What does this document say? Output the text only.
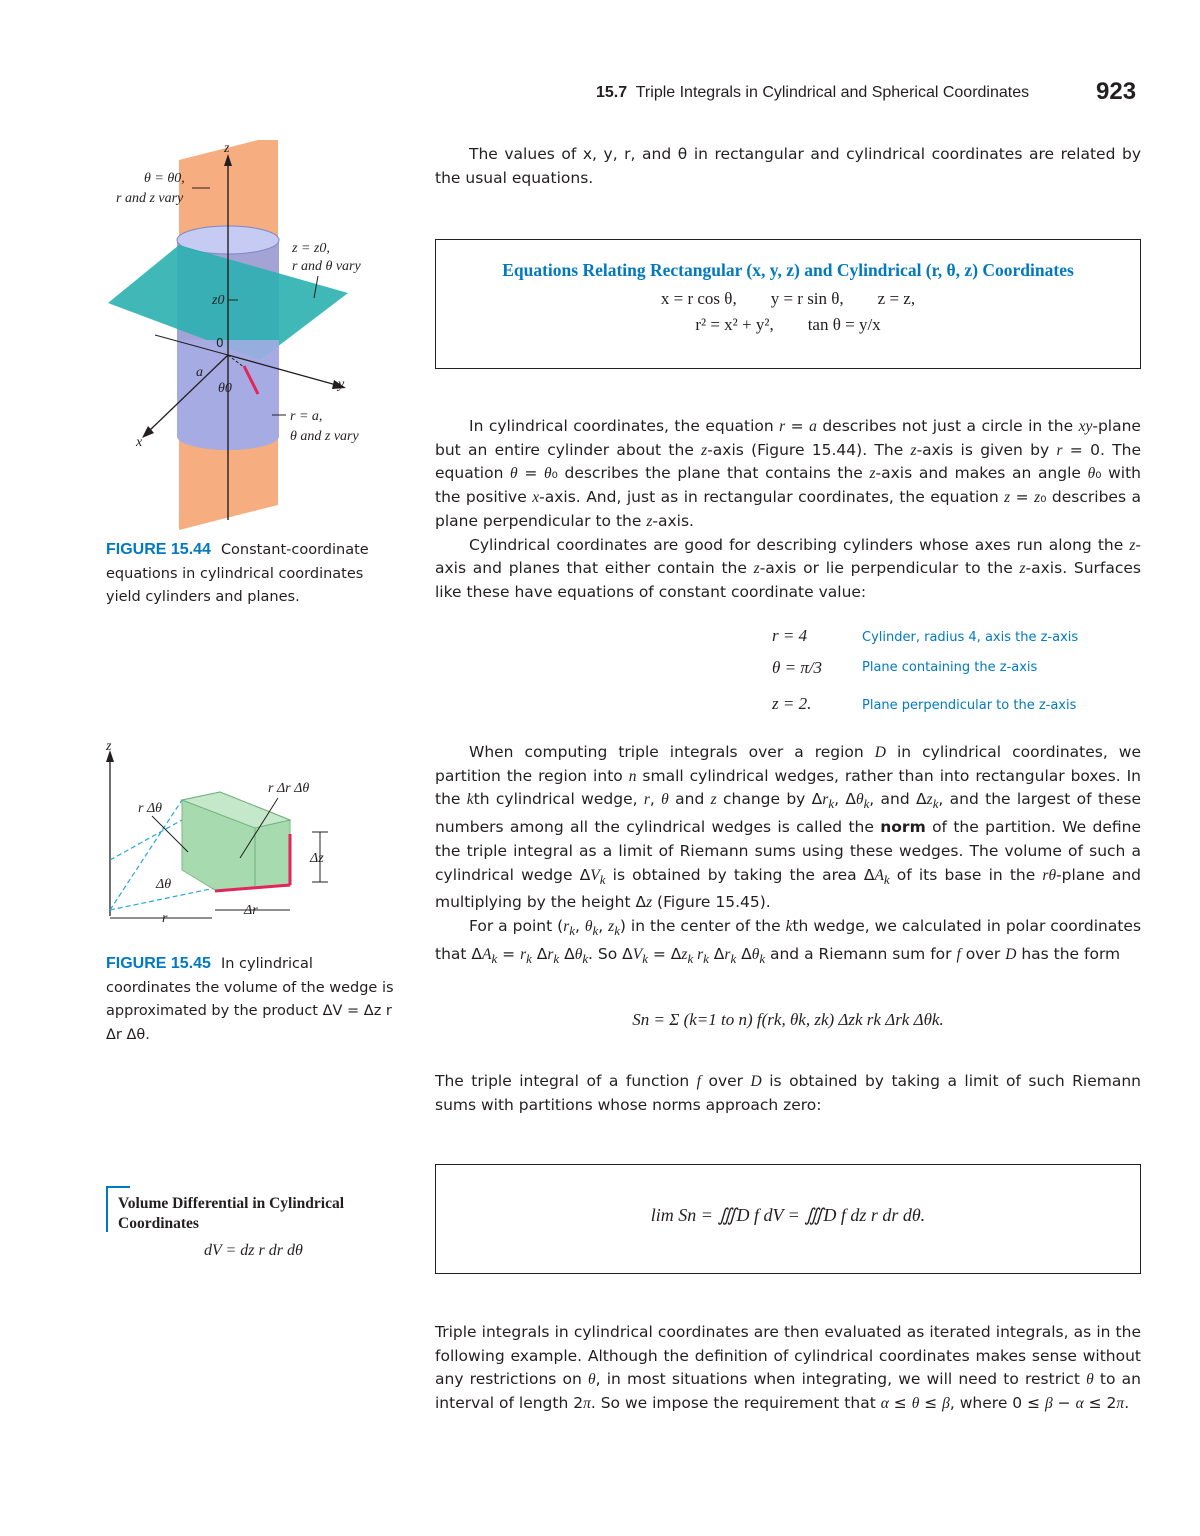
15.7 Triple Integrals in Cylindrical and Spherical Coordinates	923
z
y
x
a
θ0
0
z0
θ = θ0,
r and z vary
z = z0,
r and θ vary
r = a,
θ and z vary
FIGURE 15.44 Constant-coordinate equations in cylindrical coordinates yield cylinders and planes.
z
r Δθ
r Δr Δθ
Δz
Δθ
r
Δr
FIGURE 15.45 In cylindrical coordinates the volume of the wedge is approximated by the product ΔV = Δz r Δr Δθ.
Volume Differential in Cylindrical
Coordinates
dV = dz r dr dθ

The values of x, y, r, and θ in rectangular and cylindrical coordinates are related by the usual equations.

Equations Relating Rectangular (x, y, z) and Cylindrical (r, θ, z) Coordinates
x = r cos θ,        y = r sin θ,        z = z,
r² = x² + y²,        tan θ = y/x

In cylindrical coordinates, the equation r = a describes not just a circle in the xy-plane but an entire cylinder about the z-axis (Figure 15.44). The z-axis is given by r = 0. The equation θ = θ₀ describes the plane that contains the z-axis and makes an angle θ₀ with the positive x-axis. And, just as in rectangular coordinates, the equation z = z₀ describes a plane perpendicular to the z-axis.

Cylindrical coordinates are good for describing cylinders whose axes run along the z-axis and planes that either contain the z-axis or lie perpendicular to the z-axis. Surfaces like these have equations of constant coordinate value:

r = 4	Cylinder, radius 4, axis the z-axis
θ = π/3	Plane containing the z-axis
z = 2.	Plane perpendicular to the z-axis

When computing triple integrals over a region D in cylindrical coordinates, we partition the region into n small cylindrical wedges, rather than into rectangular boxes. In the kth cylindrical wedge, r, θ and z change by $\Delta r_k$, $\Delta\theta_k$, and $\Delta z_k$, and the largest of these numbers among all the cylindrical wedges is called the norm of the partition. We define the triple integral as a limit of Riemann sums using these wedges. The volume of such a cylindrical wedge $\Delta V_k$ is obtained by taking the area $\Delta A_k$ of its base in the rθ-plane and multiplying by the height Δz (Figure 15.45).

For a point ($r_k$, $\theta_k$, $z_k$) in the center of the kth wedge, we calculated in polar coordinates that $\Delta A_k = r_k$ $\Delta r_k$ $\Delta\theta_k$. So $\Delta V_k = \Delta z_k$ $r_k$ $\Delta r_k$ $\Delta\theta_k$ and a Riemann sum for f over D has the form

Sn = Σ (k=1 to n) f(rk, θk, zk) Δzk rk Δrk Δθk.

The triple integral of a function f over D is obtained by taking a limit of such Riemann sums with partitions whose norms approach zero:

lim Sn = ∭D f dV = ∭D f dz r dr dθ.

Triple integrals in cylindrical coordinates are then evaluated as iterated integrals, as in the following example. Although the definition of cylindrical coordinates makes sense without any restrictions on θ, in most situations when integrating, we will need to restrict θ to an interval of length 2π. So we impose the requirement that α ≤ θ ≤ β, where 0 ≤ β − α ≤ 2π.
